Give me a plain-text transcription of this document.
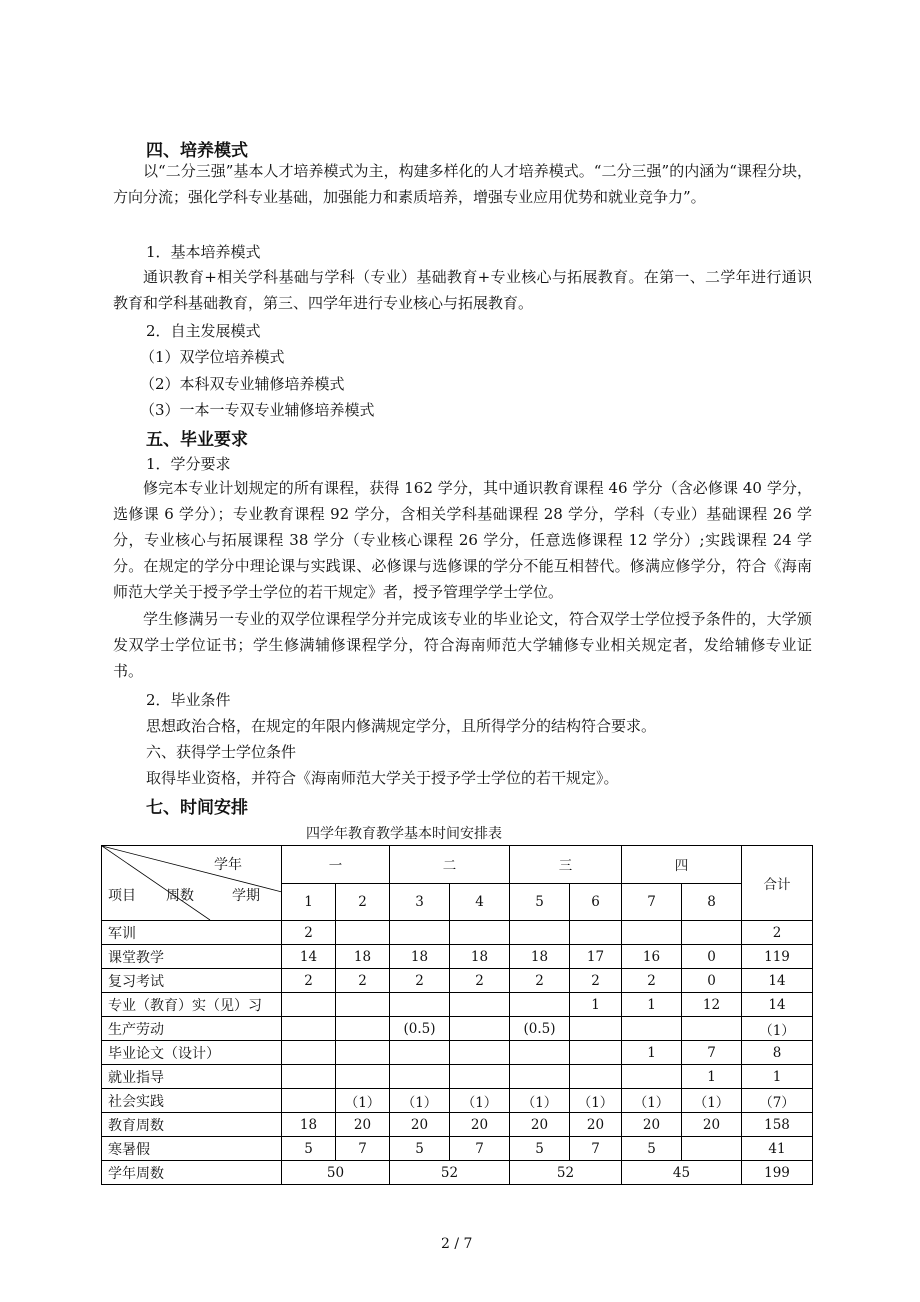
四、培养模式
以“二分三强”基本人才培养模式为主，构建多样化的人才培养模式。“二分三强”的内涵为“课程分块，方向分流；强化学科专业基础，加强能力和素质培养，增强专业应用优势和就业竞争力”。
1．基本培养模式
通识教育+相关学科基础与学科（专业）基础教育+专业核心与拓展教育。在第一、二学年进行通识教育和学科基础教育，第三、四学年进行专业核心与拓展教育。
2．自主发展模式
（1）双学位培养模式
（2）本科双专业辅修培养模式
（3）一本一专双专业辅修培养模式
五、毕业要求
1．学分要求
修完本专业计划规定的所有课程，获得 162 学分，其中通识教育课程 46 学分（含必修课 40 学分，选修课 6 学分）；专业教育课程 92 学分，含相关学科基础课程 28 学分，学科（专业）基础课程 26 学分，专业核心与拓展课程 38 学分（专业核心课程 26 学分，任意选修课程 12 学分）;实践课程 24 学分。在规定的学分中理论课与实践课、必修课与选修课的学分不能互相替代。修满应修学分，符合《海南师范大学关于授予学士学位的若干规定》者，授予管理学学士学位。
学生修满另一专业的双学位课程学分并完成该专业的毕业论文，符合双学士学位授予条件的，大学颁发双学士学位证书；学生修满辅修课程学分，符合海南师范大学辅修专业相关规定者，发给辅修专业证书。
2．毕业条件
思想政治合格，在规定的年限内修满规定学分，且所得学分的结构符合要求。
六、获得学士学位条件
取得毕业资格，并符合《海南师范大学关于授予学士学位的若干规定》。
七、时间安排
四学年教育教学基本时间安排表
学年
项目 周数 学期	一		二		三		四		合计
	1	2	3	4	5	6	7	8	
军训	2								2
课堂教学	14	18	18	18	18	17	16	0	119
复习考试	2	2	2	2	2	2	2	0	14
专业（教育）实（见）习						1	1	12	14
生产劳动			(0.5)		(0.5)				（1）
毕业论文（设计）							1	7	8
就业指导								1	1
社会实践		（1）	（1）	（1）	（1）	（1）	（1）	（1）	（7）
教育周数	18	20	20	20	20	20	20	20	158
寒暑假	5	7	5	7	5	7	5		41
学年周数	50		52		52		45		199
2 / 7
